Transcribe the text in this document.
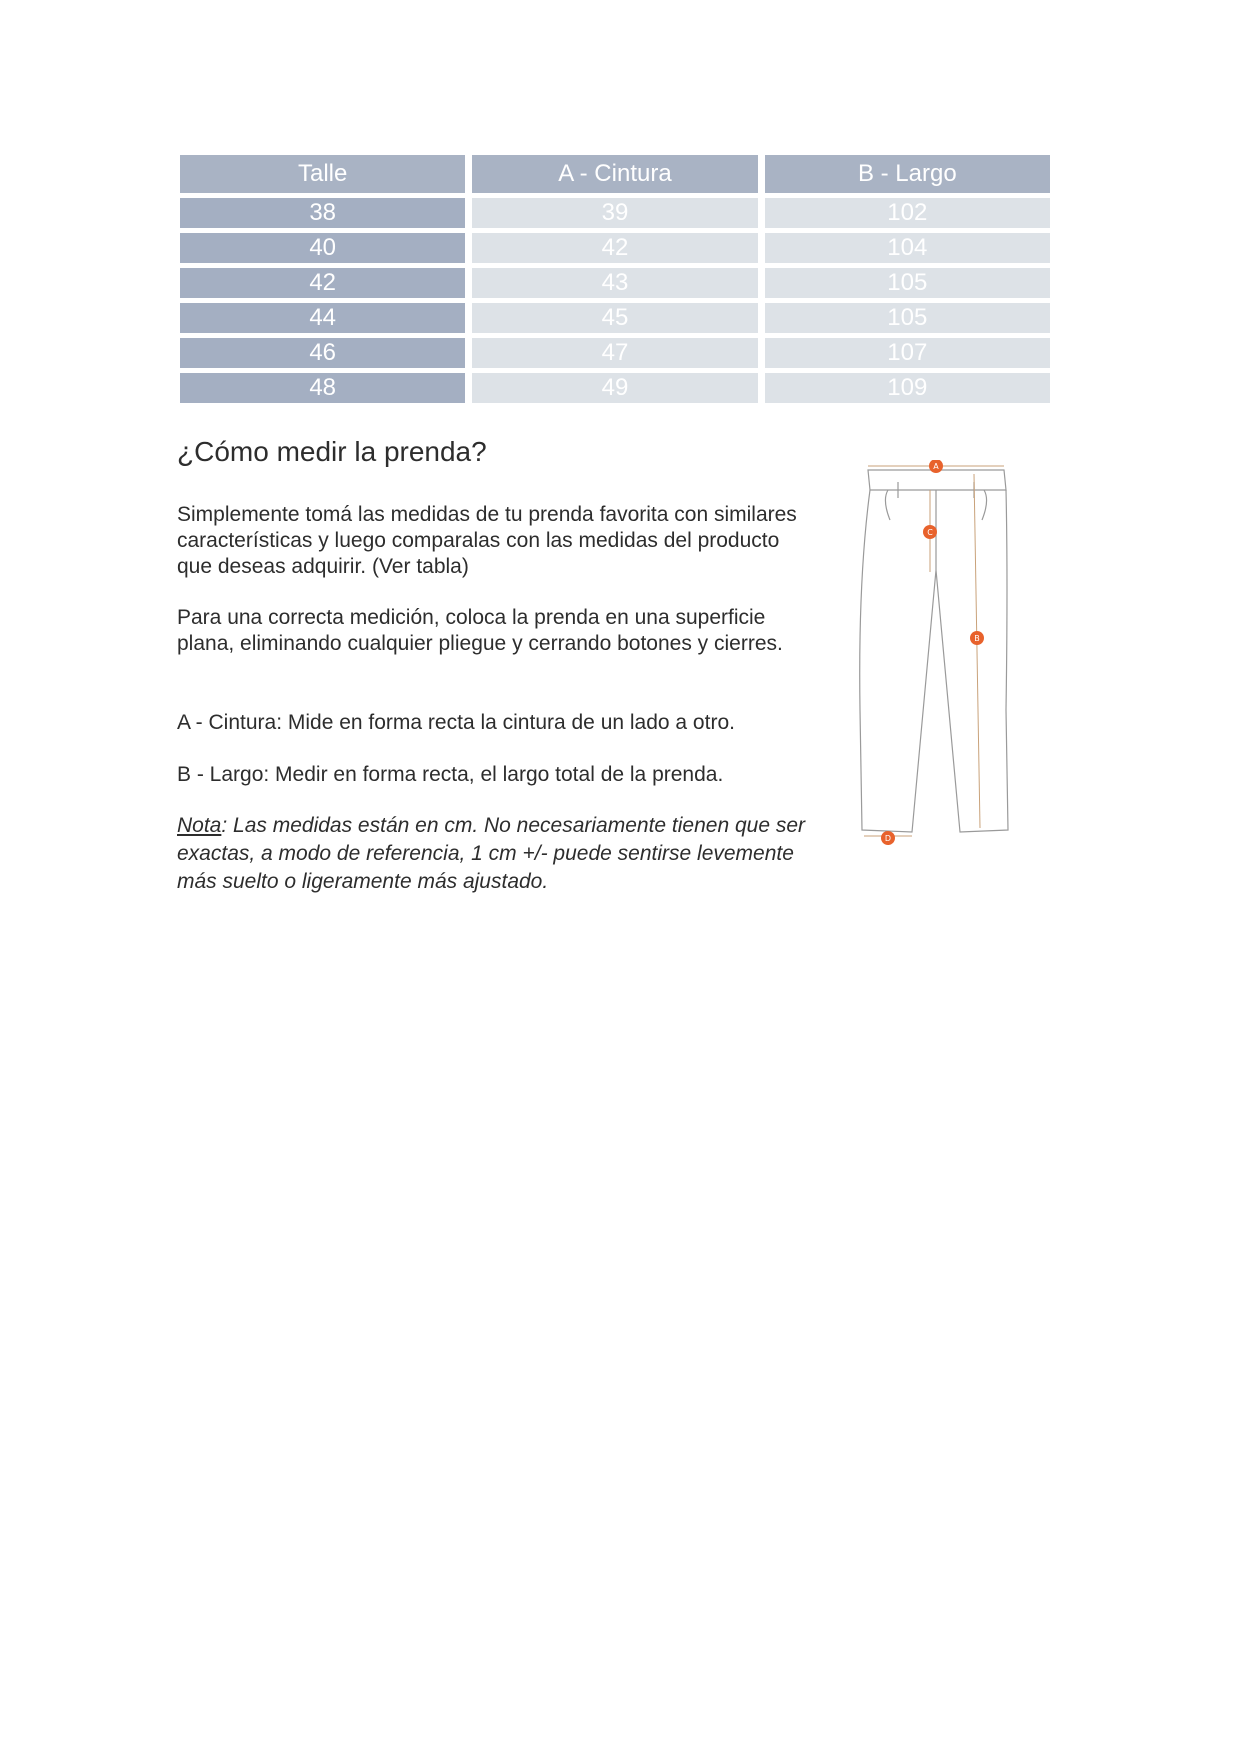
Talle	A - Cintura	B - Largo
38	39	102
40	42	104
42	43	105
44	45	105
46	47	107
48	49	109
¿Cómo medir la prenda?

Simplemente tomá las medidas de tu prenda favorita con similares características y luego comparalas con las medidas del producto que deseas adquirir. (Ver tabla)

Para una correcta medición, coloca la prenda en una superficie plana, eliminando cualquier pliegue y cerrando botones y cierres.

A - Cintura: Mide en forma recta la cintura de un lado a otro.

B - Largo: Medir en forma recta, el largo total de la prenda.

Nota: Las medidas están en cm. No necesariamente tienen que ser exactas, a modo de referencia, 1 cm +/- puede sentirse levemente más suelto o ligeramente más ajustado.

A
C
B
D
